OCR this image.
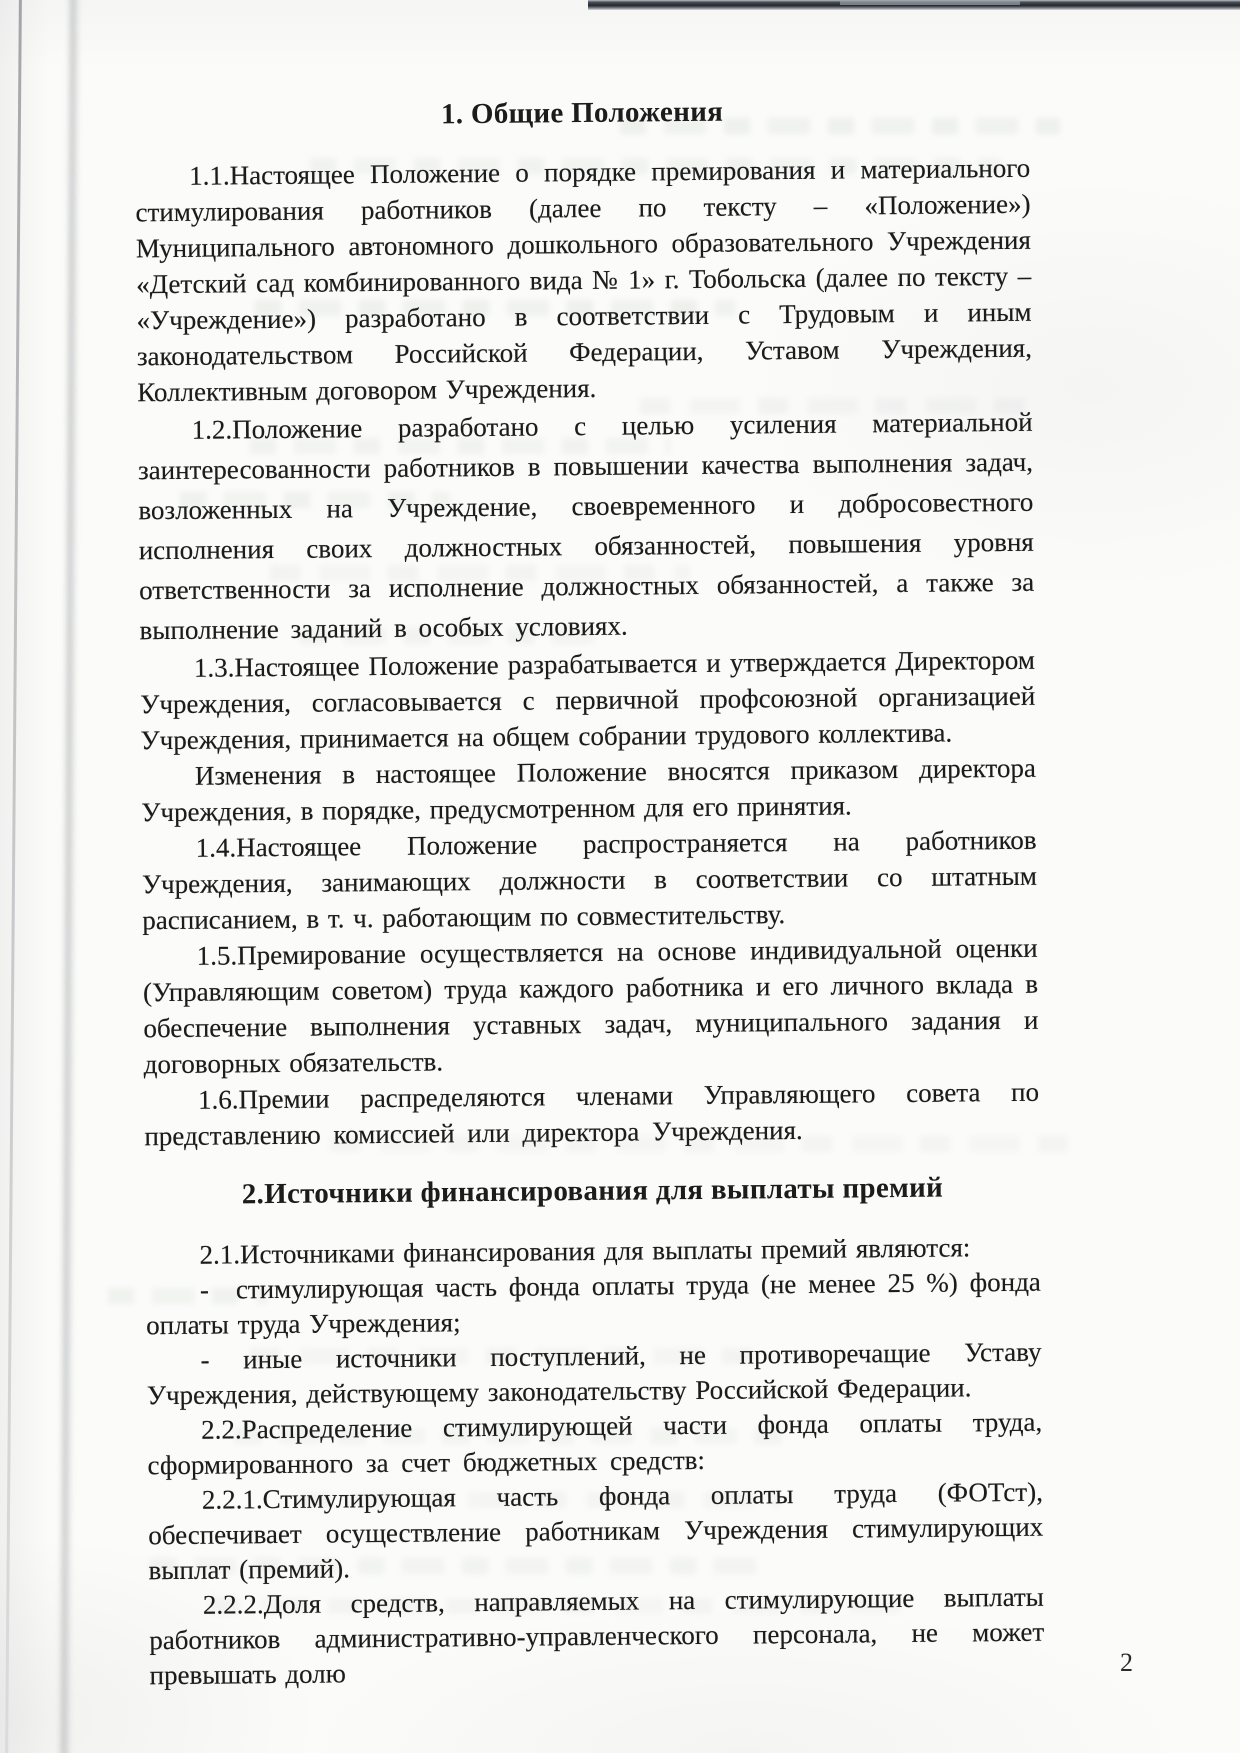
1. Общие Положения

1.1.Настоящее Положение о порядке премирования и материального стимулирования работников (далее по тексту – «Положение») Муниципального автономного дошкольного образовательного Учреждения «Детский сад комбинированного вида № 1» г. Тобольска (далее по тексту – «Учреждение») разработано в соответствии с Трудовым и иным законодательством Российской Федерации, Уставом Учреждения, Коллективным договором Учреждения.

1.2.Положение разработано с целью усиления материальной заинтересованности работников в повышении качества выполнения задач, возложенных на Учреждение, своевременного и добросовестного исполнения своих должностных обязанностей, повышения уровня ответственности за исполнение должностных обязанностей, а также за выполнение заданий в особых условиях.

1.3.Настоящее Положение разрабатывается и утверждается Директором Учреждения, согласовывается с первичной профсоюзной организацией Учреждения, принимается на общем собрании трудового коллектива.

Изменения в настоящее Положение вносятся приказом директора Учреждения, в порядке, предусмотренном для его принятия.

1.4.Настоящее Положение распространяется на работников Учреждения, занимающих должности в соответствии со штатным расписанием, в т. ч. работающим по совместительству.

1.5.Премирование осуществляется на основе индивидуальной оценки (Управляющим советом) труда каждого работника и его личного вклада в обеспечение выполнения уставных задач, муниципального задания и договорных обязательств.

1.6.Премии распределяются членами Управляющего совета по представлению комиссией или директора Учреждения.

2.Источники финансирования для выплаты премий

2.1.Источниками финансирования для выплаты премий являются:

- стимулирующая часть фонда оплаты труда (не менее 25 %) фонда оплаты труда Учреждения;

- иные источники поступлений, не противоречащие Уставу Учреждения, действующему законодательству Российской Федерации.

2.2.Распределение стимулирующей части фонда оплаты труда, сформированного за счет бюджетных средств:

2.2.1.Стимулирующая часть фонда оплаты труда (ФОТст), обеспечивает осуществление работникам Учреждения стимулирующих выплат (премий).

2.2.2.Доля средств, направляемых на стимулирующие выплаты работников административно-управленческого персонала, не может превышать долю	2
